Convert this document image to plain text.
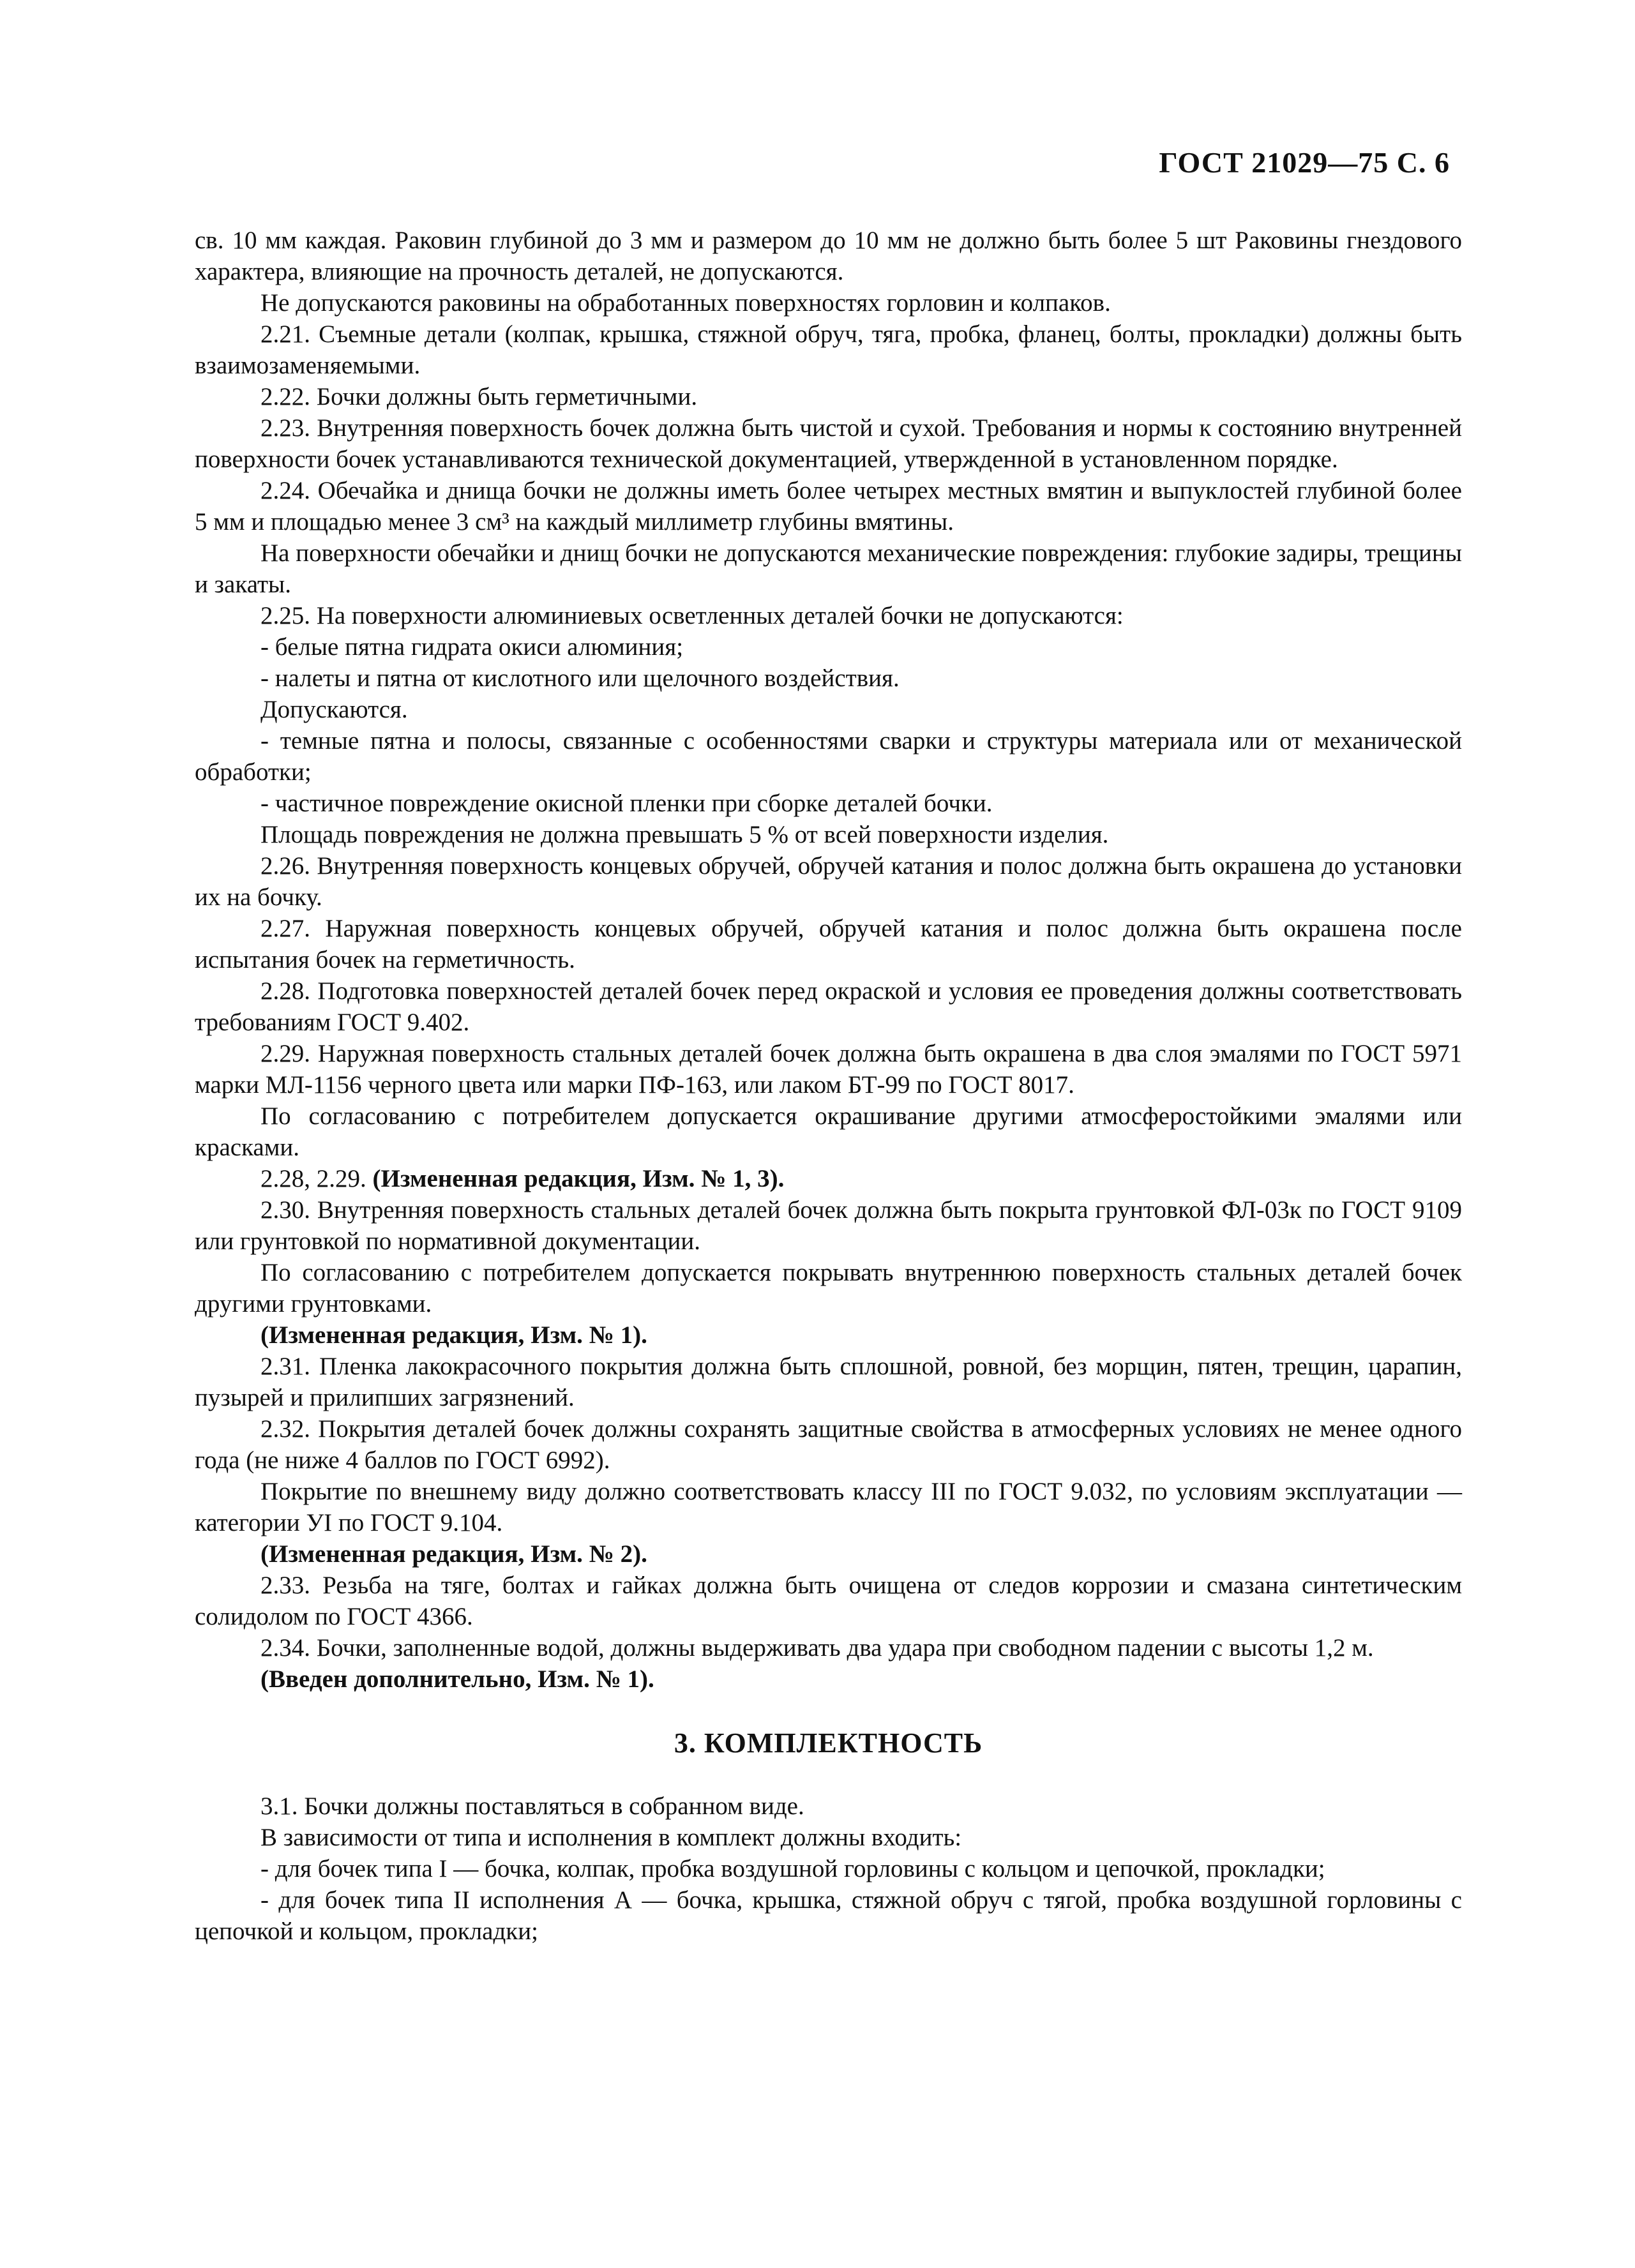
ГОСТ 21029—75 С. 6

св. 10 мм каждая. Раковин глубиной до 3 мм и размером до 10 мм не должно быть более 5 шт Раковины гнездового характера, влияющие на прочность деталей, не допускаются.

Не допускаются раковины на обработанных поверхностях горловин и колпаков.

2.21. Съемные детали (колпак, крышка, стяжной обруч, тяга, пробка, фланец, болты, прокладки) должны быть взаимозаменяемыми.

2.22. Бочки должны быть герметичными.

2.23. Внутренняя поверхность бочек должна быть чистой и сухой. Требования и нормы к состоянию внутренней поверхности бочек устанавливаются технической документацией, утвержденной в установленном порядке.

2.24. Обечайка и днища бочки не должны иметь более четырех местных вмятин и выпуклостей глубиной более 5 мм и площадью менее 3 см³ на каждый миллиметр глубины вмятины.

На поверхности обечайки и днищ бочки не допускаются механические повреждения: глубокие задиры, трещины и закаты.

2.25. На поверхности алюминиевых осветленных деталей бочки не допускаются:

- белые пятна гидрата окиси алюминия;

- налеты и пятна от кислотного или щелочного воздействия.

Допускаются.

- темные пятна и полосы, связанные с особенностями сварки и структуры материала или от механической обработки;

- частичное повреждение окисной пленки при сборке деталей бочки.

Площадь повреждения не должна превышать 5 % от всей поверхности изделия.

2.26. Внутренняя поверхность концевых обручей, обручей катания и полос должна быть окрашена до установки их на бочку.

2.27. Наружная поверхность концевых обручей, обручей катания и полос должна быть окрашена после испытания бочек на герметичность.

2.28. Подготовка поверхностей деталей бочек перед окраской и условия ее проведения должны соответствовать требованиям ГОСТ 9.402.

2.29. Наружная поверхность стальных деталей бочек должна быть окрашена в два слоя эмалями по ГОСТ 5971 марки МЛ-1156 черного цвета или марки ПФ-163, или лаком БТ-99 по ГОСТ 8017.

По согласованию с потребителем допускается окрашивание другими атмосферостойкими эмалями или красками.

2.28, 2.29. (Измененная редакция, Изм. № 1, 3).

2.30. Внутренняя поверхность стальных деталей бочек должна быть покрыта грунтовкой ФЛ-03к по ГОСТ 9109 или грунтовкой по нормативной документации.

По согласованию с потребителем допускается покрывать внутреннюю поверхность стальных деталей бочек другими грунтовками.

(Измененная редакция, Изм. № 1).

2.31. Пленка лакокрасочного покрытия должна быть сплошной, ровной, без морщин, пятен, трещин, царапин, пузырей и прилипших загрязнений.

2.32. Покрытия деталей бочек должны сохранять защитные свойства в атмосферных условиях не менее одного года (не ниже 4 баллов по ГОСТ 6992).

Покрытие по внешнему виду должно соответствовать классу III по ГОСТ 9.032, по условиям эксплуатации — категории УI по ГОСТ 9.104.

(Измененная редакция, Изм. № 2).

2.33. Резьба на тяге, болтах и гайках должна быть очищена от следов коррозии и смазана синтетическим солидолом по ГОСТ 4366.

2.34. Бочки, заполненные водой, должны выдерживать два удара при свободном падении с высоты 1,2 м.

(Введен дополнительно, Изм. № 1).

3. КОМПЛЕКТНОСТЬ

3.1. Бочки должны поставляться в собранном виде.

В зависимости от типа и исполнения в комплект должны входить:

- для бочек типа I — бочка, колпак, пробка воздушной горловины с кольцом и цепочкой, прокладки;

- для бочек типа II исполнения А — бочка, крышка, стяжной обруч с тягой, пробка воздушной горловины с цепочкой и кольцом, прокладки;
